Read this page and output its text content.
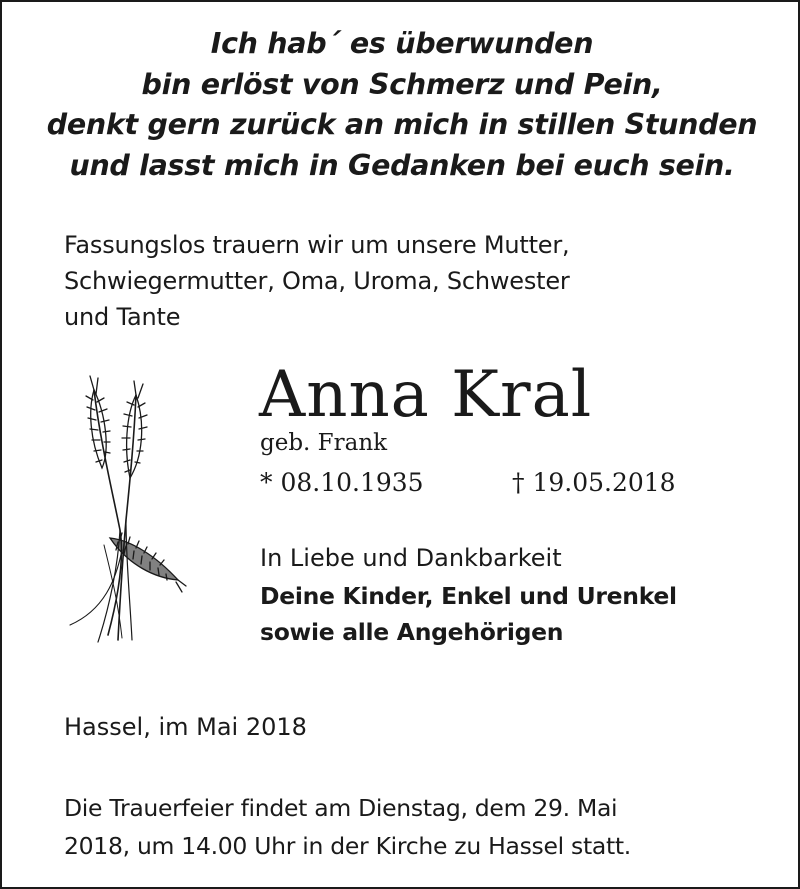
Ich hab´ es überwunden
bin erlöst von Schmerz und Pein,
denkt gern zurück an mich in stillen Stunden
und lasst mich in Gedanken bei euch sein.
Fassungslos trauern wir um unsere Mutter,
Schwiegermutter, Oma, Uroma, Schwester
und Tante
Anna Kral
geb. Frank
* 08.10.1935	† 19.05.2018
In Liebe und Dankbarkeit
Deine Kinder, Enkel und Urenkel
sowie alle Angehörigen
Hassel, im Mai 2018
Die Trauerfeier findet am Dienstag, dem 29. Mai
2018, um 14.00 Uhr in der Kirche zu Hassel statt.
